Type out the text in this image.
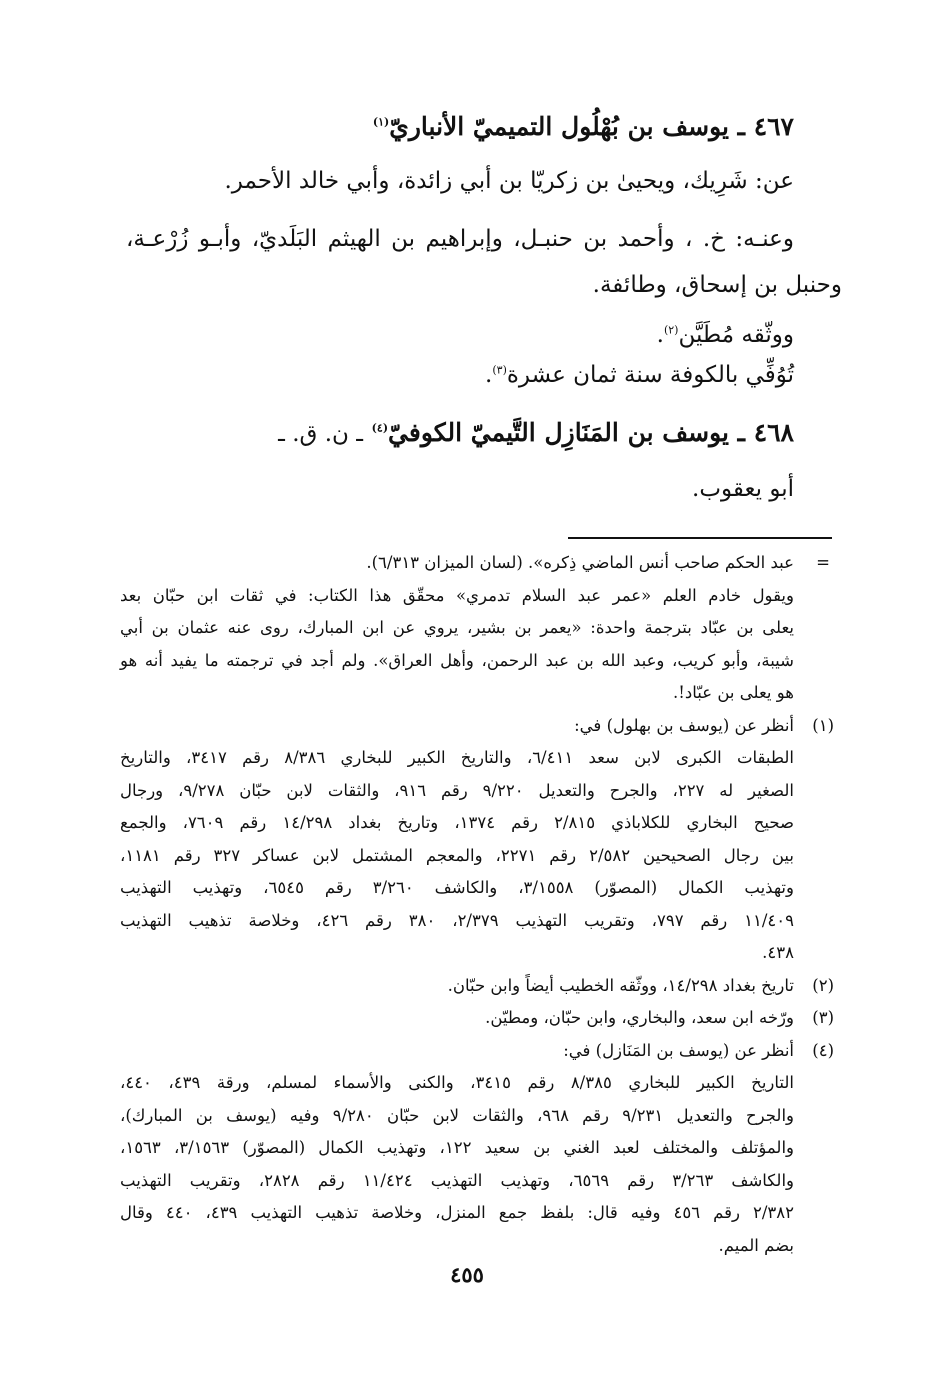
٤٦٧ ـ يوسف بن بُهْلُول التميميّ الأنباريّ$^{(١)}$
عن: شَرِيك، ويحيىٰ بن زكريّا بن أبي زائدة، وأبي خالد الأحمر.
وعنـه: خ. ، وأحمد بن حنبـل، وإبراهيم بن الهيثم البَلَديّ، وأبـو زُرْعـة،
وحنبل بن إسحاق، وطائفة.
ووثّقه مُطَيَّن$^{(٢)}$.
تُوُفِّي بالكوفة سنة ثمان عشرة$^{(٣)}$.
٤٦٨ ـ يوسف بن المَنَازِل التَّيميّ الكوفيّ$^{(٤)}$ ـ ن. ق. ـ
أبو يعقوب.
=
عبد الحكم صاحب أنس الماضي ذِكره». (لسان الميزان ٦/٣١٣).
ويقول خادم العلم «عمر عبد السلام تدمري» محقّق هذا الكتاب: في ثقات ابن حبّان بعد
يعلى بن عبّاد بترجمة واحدة: «يعمر بن بشير، يروي عن ابن المبارك، روى عنه عثمان بن أبي
شيبة، وأبو كريب، وعبد الله بن عبد الرحمن، وأهل العراق». ولم أجد في ترجمته ما يفيد أنه هو
هو يعلى بن عبّاد!.
أنظر عن (يوسف بن بهلول) في: (١)
الطبقات الكبرى لابن سعد ٦/٤١١، والتاريخ الكبير للبخاري ٨/٣٨٦ رقم ٣٤١٧، والتاريخ
الصغير له ٢٢٧، والجرح والتعديل ٩/٢٢٠ رقم ٩١٦، والثقات لابن حبّان ٩/٢٧٨، ورجال
صحيح البخاري للكلاباذي ٢/٨١٥ رقم ١٣٧٤، وتاريخ بغداد ١٤/٢٩٨ رقم ٧٦٠٩، والجمع
بين رجال الصحيحين ٢/٥٨٢ رقم ٢٢٧١، والمعجم المشتمل لابن عساكر ٣٢٧ رقم ١١٨١،
وتهذيب الكمال (المصوّر) ٣/١٥٥٨، والكاشف ٣/٢٦٠ رقم ٦٥٤٥، وتهذيب التهذيب
١١/٤٠٩ رقم ٧٩٧، وتقريب التهذيب ٢/٣٧٩، ٣٨٠ رقم ٤٢٦، وخلاصة تذهيب التهذيب
٤٣٨.
تاريخ بغداد ١٤/٢٩٨، ووثّقه الخطيب أيضاً وابن حبّان. (٢)
ورّخه ابن سعد، والبخاري، وابن حبّان، ومطيّن. (٣)
أنظر عن (يوسف بن المَنَازل) في: (٤)
التاريخ الكبير للبخاري ٨/٣٨٥ رقم ٣٤١٥، والكنى والأسماء لمسلم، ورقة ٤٣٩، ٤٤٠،
والجرح والتعديل ٩/٢٣١ رقم ٩٦٨، والثقات لابن حبّان ٩/٢٨٠ وفيه (يوسف بن المبارك)،
والمؤتلف والمختلف لعبد الغني بن سعيد ١٢٢، وتهذيب الكمال (المصوّر) ٣/١٥٦٣، ١٥٦٣،
والكاشف ٣/٢٦٣ رقم ٦٥٦٩، وتهذيب التهذيب ١١/٤٢٤ رقم ٢٨٢٨، وتقريب التهذيب
٢/٣٨٢ رقم ٤٥٦ وفيه قال: بلفظ جمع المنزل، وخلاصة تذهيب التهذيب ٤٣٩، ٤٤٠ وقال
بضم الميم.
٤٥٥
